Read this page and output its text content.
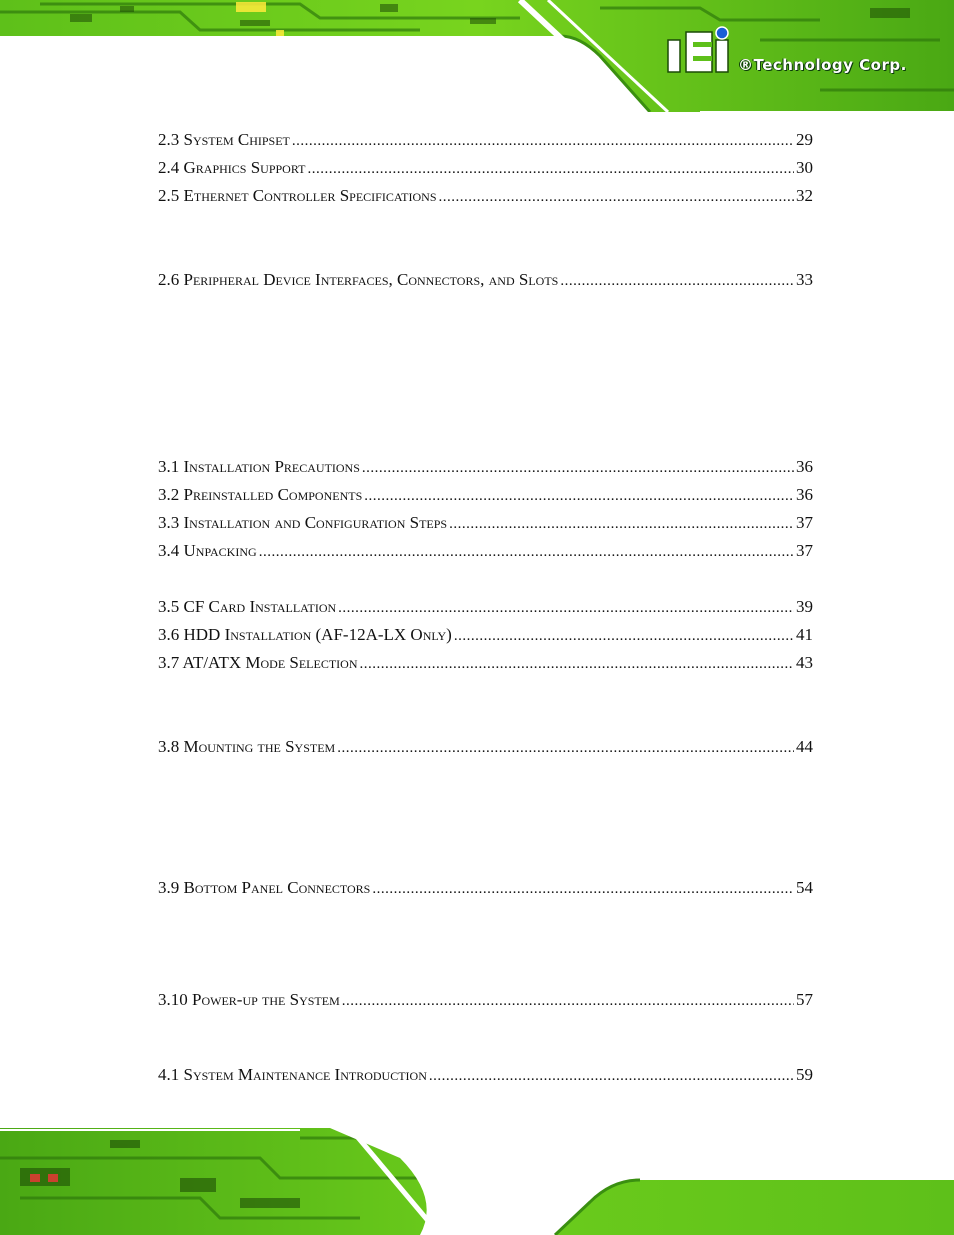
®Technology Corp.
2.3 System Chipset .....	29
2.4 Graphics Support .....	30
2.5 Ethernet Controller Specifications .....	32
2.6 Peripheral Device Interfaces, Connectors, and Slots .....	33
3.1 Installation Precautions .....	36
3.2 Preinstalled Components .....	36
3.3 Installation and Configuration Steps .....	37
3.4 Unpacking .....	37
3.5 CF Card Installation .....	39
3.6 HDD Installation (AF-12A-LX Only) .....	41
3.7 AT/ATX Mode Selection .....	43
3.8 Mounting the System .....	44
3.9 Bottom Panel Connectors .....	54
3.10 Power-up the System .....	57
4.1 System Maintenance Introduction .....	59
